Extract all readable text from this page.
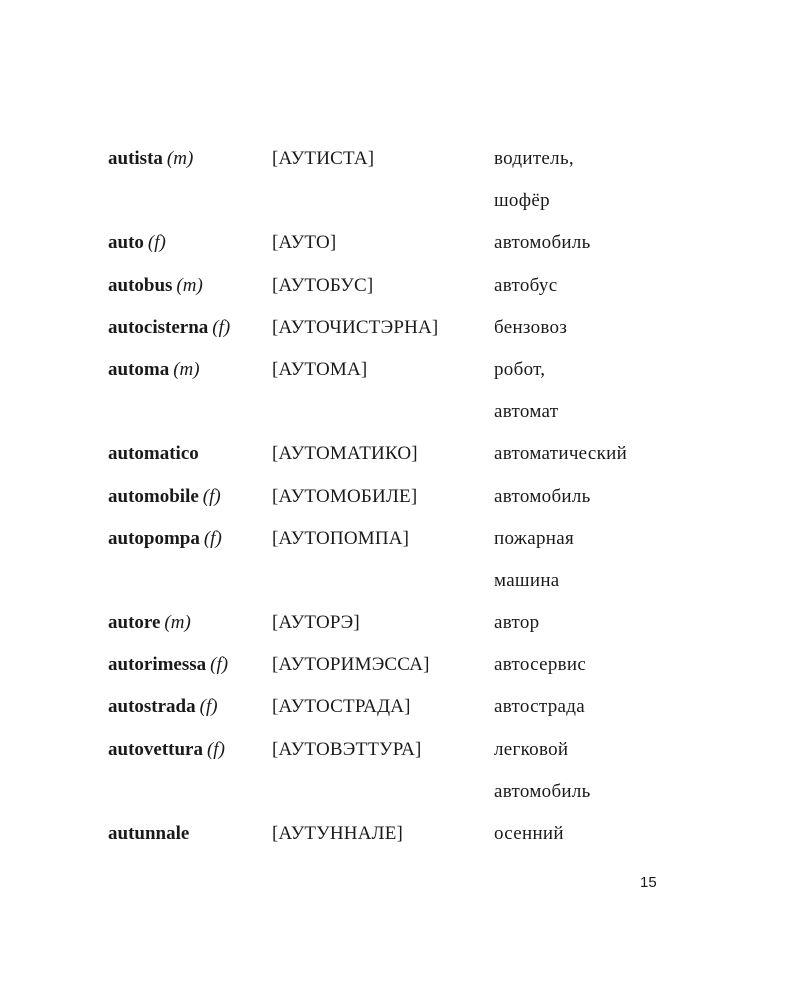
autista (m)	[АУТИСТА]	водитель,
шофёр
auto (f)	[АУТО]	автомобиль
autobus (m)	[АУТОБУС]	автобус
autocisterna (f) [АУТОЧИСТЭРНА]	бензовоз
automa (m)	[АУТОМА]	робот,
автомат
automatico	[АУТОМАТИКО]	автоматический
automobile (f)	[АУТОМОБИЛЕ]	автомобиль
autopompa (f)	[АУТОПОМПА]	пожарная
машина
autore (m)	[АУТОРЭ]	автор
autorimessa (f) [АУТОРИМЭССА]	автосервис
autostrada (f)	[АУТОСТРАДА]	автострада
autovettura (f) [АУТОВЭТТУРА]	легковой
автомобиль
autunnale	[АУТУННАЛЕ]	осенний
15
